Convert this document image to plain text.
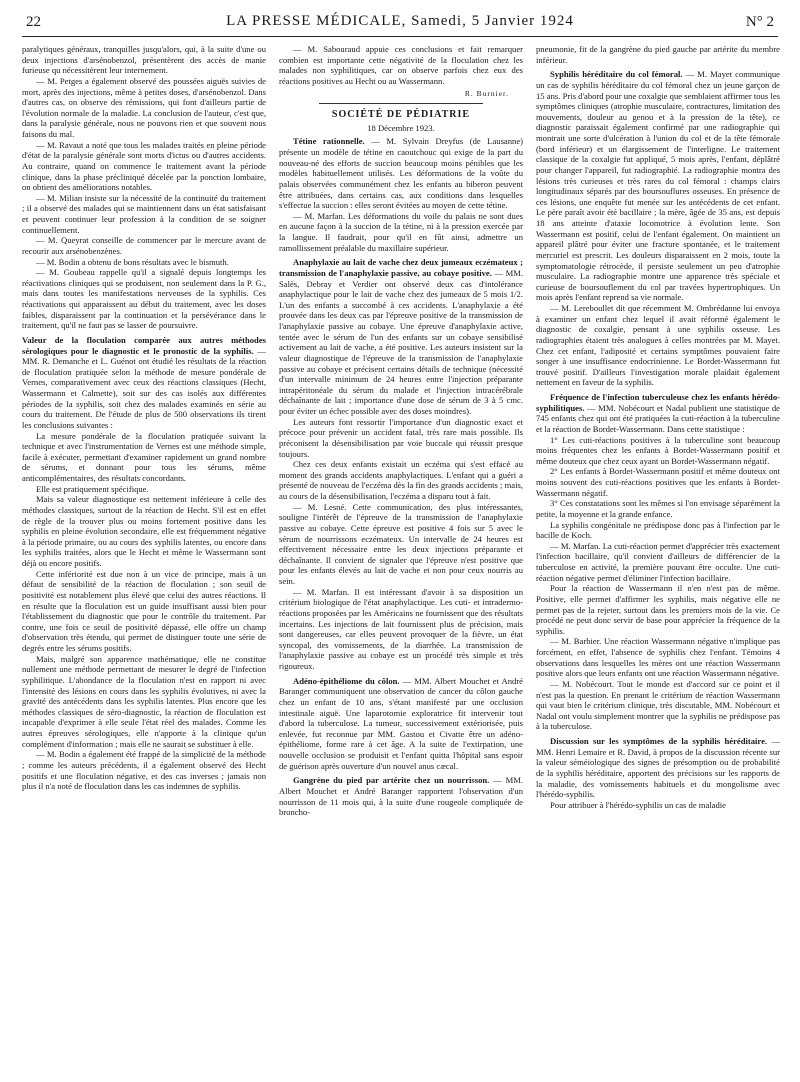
22	LA PRESSE MÉDICALE, Samedi, 5 Janvier 1924	N° 2

paralytiques généraux, tranquilles jusqu'alors, qui, à la suite d'une ou deux injections d'arsénobenzol, présentèrent des accès de manie furieuse qu nécessitèrent leur internement.

— M. Petges a également observé des poussées aiguës suivies de mort, après des injections, même à petites doses, d'arsénobenzol. Dans d'autres cas, on observe des rémissions, qui font d'ailleurs partie de l'évolution normale de la maladie. La conclusion de l'auteur, c'est que, dans la paralysie générale, nous ne pouvons rien et que souvent nous faisons du mal.

— M. Ravaut a noté que tous les malades traités en pleine période d'état de la paralysie générale sont morts d'ictus ou d'autres accidents. Au contraire, quand on commence le traitement avant la période clinique, dans la phase précliniqué décelée par la ponction lombaire, on obtient des améliorations notables.

— M. Milian insiste sur la nécessité de la continuité du traitement ; il a observé des malades qui se maintiennent dans un état satisfaisant et peuvent continuer leur profession à la condition de se soigner continuellement.

— M. Queyrat conseille de commencer par le mercure avant de recourir aux arsénobenzènes.

— M. Bodin a obtenu de bons résultats avec le bismuth.

— M. Goubeau rappelle qu'il a signalé depuis longtemps les réactivations cliniques qui se produisent, non seulement dans la P. G., mais dans toutes les manifestations nerveuses de la syphilis. Ces réactivations qui apparaissent au début du traitement, avec les doses faibles, disparaissent par la continuation et la persévérance dans le traitement, qu'il ne faut pas se lasser de poursuivre.

Valeur de la floculation comparée aux autres méthodes sérologiques pour le diagnostic et le pronostic de la syphilis. — MM. R. Demanche et L. Guénot ont étudié les résultats de la réaction de floculation pratiquée selon la méthode de mesure pondérale de Vernes, comparativement avec ceux des réactions classiques (Hecht, Wassermann et Calmette), soit sur des cas isolés aux différentes périodes de la syphilis, soit chez des malades examinés en série au cours du traitement. De l'étude de plus de 500 observations ils tirent les conclusions suivantes :

La mesure pondérale de la floculation pratiquée suivant la technique et avec l'instrumentation de Vernes est une méthode simple, facile à exécuter, permettant d'examiner rapidement un grand nombre de sérums, et donnant pour tous les sérums, même anticomplémentaires, des résultats concordants.

Elle est pratiquement spécifique.

Mais sa valeur diagnostique est nettement inférieure à celle des méthodes classiques, surtout de la réaction de Hecht. S'il est en effet de règle de la trouver plus ou moins fortement positive dans les syphilis en pleine évolution secondaire, elle est fréquemment négative à la période primaire, ou au cours des syphilis latentes, ou encore dans les syphilis traitées, alors que le Hecht et même le Wassermann sont déjà ou encore positifs.

Cette infériorité est due non à un vice de principe, mais à un défaut de sensibilité de la réaction de floculation ; son seuil de positivité est notablement plus élevé que celui des autres réactions. Il en résulte que la floculation est un guide insuffisant aussi bien pour l'établissement du diagnostic que pour le contrôle du traitement. Par contre, une fois ce seuil de positivité dépassé, elle offre un champ d'observation très étendu, qui permet de distinguer toute une série de degrés entre les sérums positifs.

Mais, malgré son apparence mathématique, elle ne constitue nullement une méthode permettant de mesurer le degré de l'infection syphilitique. L'abondance de la floculation n'est en rapport ni avec l'intensité des lésions en cours dans les syphilis évolutives, ni avec la gravité des antécédents dans les syphilis latentes. Plus encore que les méthodes classiques de séro-diagnostic, la réaction de floculation est incapable d'exprimer à elle seule l'état réel des malades. Comme les autres épreuves sérologiques, elle n'apporte à la clinique qu'un complément d'information ; mais elle ne saurait se substituer à elle.

— M. Bodin a également été frappé de la simplicité de la méthode ; comme les auteurs précédents, il a également observé des Hecht positifs et une floculation négative, et des cas inverses ; jamais non plus il n'a noté de floculation dans les cas indemnes de syphilis.

— M. Sabouraud appuie ces conclusions et fait remarquer combien est importante cette négativité de la floculation chez les malades non syphilitiques, car on observe parfois chez eux des réactions positives au Hecht ou au Wassermann.

R. Burnier.
SOCIÉTÉ DE PÉDIATRIE
18 Décembre 1923.

Tétine rationnelle. — M. Sylvain Dreyfus (de Lausanne) présente un modèle de tétine en caoutchouc qui exige de la part du nouveau-né des efforts de succion beaucoup moins pénibles que les modèles habituellement utilisés. Les déformations de la voûte du palais observées communément chez les enfants au biberon peuvent être attribuées, dans certains cas, aux conditions dans lesquelles s'effectue la succion : elles seront évitées au moyen de cette tétine.

— M. Marfan. Les déformations du voile du palais ne sont dues en aucune façon à la succion de la tétine, ni à la pression exercée par la langue. Il faudrait, pour qu'il en fût ainsi, admettre un ramollissement préalable du maxillaire supérieur.

Anaphylaxie au lait de vache chez deux jumeaux eczémateux ; transmission de l'anaphylaxie passive, au cobaye positive. — MM. Salès, Debray et Verdier ont observé deux cas d'intolérance anaphylactique pour le lait de vache chez des jumeaux de 5 mois 1/2. L'un des enfants a succombé à ces accidents. L'anaphylaxie a été prouvée dans les deux cas par l'épreuve positive de la transmission de l'anaphylaxie passive au cobaye. Une épreuve d'anaphylaxie active, tentée avec le sérum de l'un des enfants sur un cobaye sensibilisé activement au lait de vache, a été positive. Les auteurs insistent sur la valeur diagnostique de l'épreuve de la transmission de l'anaphylaxie passive au cobaye et précisent certains détails de technique (nécessité d'un intervalle minimum de 24 heures entre l'injection préparante intrapéritonéale du sérum du malade et l'injection intracérébrale déchaînante de lait ; importance d'une dose de sérum de 3 à 5 cmc. pour éviter un échec possible avec des doses moindres).

Les auteurs font ressortir l'importance d'un diagnostic exact et précoce pour prévenir un accident fatal, très rare mais possible. Ils préconisent la désensibilisation par voie buccale qui réussit presque toujours.

Chez ces deux enfants existait un eczéma qui s'est effacé au moment des grands accidents anaphylactiques. L'enfant qui a guéri a présenté de nouveau de l'eczéma dès la fin des grands accidents ; mais, au cours de la désensibilisation, l'eczéma a disparu tout à fait.

— M. Lesné. Cette communication, des plus intéressantes, souligne l'intérêt de l'épreuve de la transmission de l'anaphylaxie passive au cobaye. Cette épreuve est positive 4 fois sur 5 avec le sérum de nourrissons eczémateux. Un intervalle de 24 heures est effectivement nécessaire entre les deux injections préparante et déchaînante. Il convient de signaler que l'épreuve n'est positive que pour les enfants élevés au lait de vache et non pour ceux nourris au sein.

— M. Marfan. Il est intéressant d'avoir à sa disposition un critérium biologique de l'état anaphylactique. Les cuti- et intradermo-réactions proposées par les Américains ne fournissent que des résultats incertains. Les injections de lait fournissent plus de précision, mais sont dangereuses, car elles peuvent provoquer de la fièvre, un état syncopal, des vomissements, de la diarrhée. La transmission de l'anaphylaxie passive au cobaye est un procédé très simple et très rigoureux.

Adéno-épithéliome du côlon. — MM. Albert Mouchet et André Baranger communiquent une observation de cancer du côlon gauche chez un enfant de 10 ans, s'étant manifesté par une occlusion intestinale aiguë. Une laparotomie exploratrice fit intervenir tout d'abord la tuberculose. La tumeur, successivement extériorisée, puis enlevée, fut reconnue par MM. Gastou et Civatte être un adéno-épithéliome, forme rare à cet âge. A la suite de l'extirpation, une nouvelle occlusion se produisit et l'enfant quitta l'hôpital sans espoir de guérison après ouverture d'un nouvel anus cæcal.

Gangrène du pied par artérite chez un nourrisson. — MM. Albert Mouchet et André Baranger rapportent l'observation d'un nourrisson de 11 mois qui, à la suite d'une rougeole compliquée de broncho-

pneumonie, fit de la gangrène du pied gauche par artérite du membre inférieur.

Syphilis héréditaire du col fémoral. — M. Mayet communique un cas de syphilis héréditaire du col fémoral chez un jeune garçon de 15 ans. Pris d'abord pour une coxalgie que semblaient affirmer tous les symptômes cliniques (atrophie musculaire, contractures, limitation des mouvements, douleur au genou et à la pression de la tête), ce diagnostic paraissait également confirmé par une radiographie qui montrait une sorte d'ulcération à l'union du col et de la tête fémorale (bord inférieur) et un élargissement de l'interligne. Le traitement classique de la coxalgie fut appliqué, 5 mois après, l'enfant, déplâtré pour changer l'appareil, fut radiographié. La radiographie montra des lésions très curieuses et très rares du col fémoral : champs clairs longitudinaux séparés par des boursouflures osseuses. En présence de ces lésions, une enquête fut menée sur les antécédents de cet enfant. Le père paraît avoir été bacillaire ; la mère, âgée de 35 ans, est depuis 18 ans atteinte d'ataxie locomotrice à évolution lente. Son Wassermann est positif, celui de l'enfant également. On maintient un appareil plâtré pour éviter une fracture spontanée, et le traitement mercuriel est prescrit. Les douleurs disparaissent en 2 mois, toute la symptomatologie rétrocède, il persiste seulement un peu d'atrophie musculaire. La radiographie montre une apparence très spéciale et curieuse de boursouflement du col par travées hypertrophiques. Un mois après l'enfant reprend sa vie normale.

— M. Lereboullet dit que récemment M. Ombrédanne lui envoya à examiner un enfant chez lequel il avait réformé également le diagnostic de coxalgie, pensant à une syphilis osseuse. Les radiographies étaient très analogues à celles montrées par M. Mayet. Chez cet enfant, l'adiposité et certains symptômes pouvaient faire songer à une insuffisance endocrinienne. Le Bordet-Wassermann fut trouvé positif. D'ailleurs l'investigation morale plaidait également nettement en faveur de la syphilis.

Fréquence de l'infection tuberculeuse chez les enfants hérédo-syphilitiques. — MM. Nobécourt et Nadal publient une statistique de 745 enfants chez qui ont été pratiquées la cuti-réaction à la tuberculine et la réaction de Bordet-Wassermann. Dans cette statistique :

1° Les cuti-réactions positives à la tuberculine sont beaucoup moins fréquentes chez les enfants à Bordet-Wassermann positif et même douteux que chez ceux ayant un Bordet-Wassermann négatif.

2° Les enfants à Bordet-Wassermann positif et même douteux ont moins souvent des cuti-réactions positives que les enfants à Bordet-Wassermann négatif.

3° Ces constatations sont les mêmes si l'on envisage séparément la petite, la moyenne et la grande enfance.

La syphilis congénitale ne prédispose donc pas à l'infection par le bacille de Koch.

— M. Marfan. La cuti-réaction permet d'apprécier très exactement l'infection bacillaire, qu'il convient d'ailleurs de différencier de la tuberculose en activité, la première pouvant être occulte. Une cuti-réaction négative permet d'éliminer l'infection bacillaire.

Pour la réaction de Wassermann il n'en n'est pas de même. Positive, elle permet d'affirmer les syphilis, mais négative elle ne permet pas de la rejeter, surtout dans les premiers mois de la vie. Ce procédé ne peut donc servir de base pour apprécier la fréquence de la syphilis.

— M. Barbier. Une réaction Wassermann négative n'implique pas forcément, en effet, l'absence de syphilis chez l'enfant. Témoins 4 observations dans lesquelles les mères ont une réaction Wassermann positive alors que leurs enfants ont une réaction Wassermann négative.

— M. Nobécourt. Tout le monde est d'accord sur ce point et il n'est pas la question. En prenant le critérium de réaction Wassermann qui vaut bien le critérium clinique, très discutable, MM. Nobécourt et Nadal ont voulu simplement montrer que la syphilis ne prédispose pas à la tuberculose.

Discussion sur les symptômes de la syphilis héréditaire. — MM. Henri Lemaire et R. David, à propos de la discussion récente sur la valeur séméiologique des signes de présomption ou de probabilité de la syphilis héréditaire, apportent des précisions sur les rapports de la maladie, des vomissements habituels et du mongolisme avec l'hérédo-syphilis.

Pour attribuer à l'hérédo-syphilis un cas de maladie
